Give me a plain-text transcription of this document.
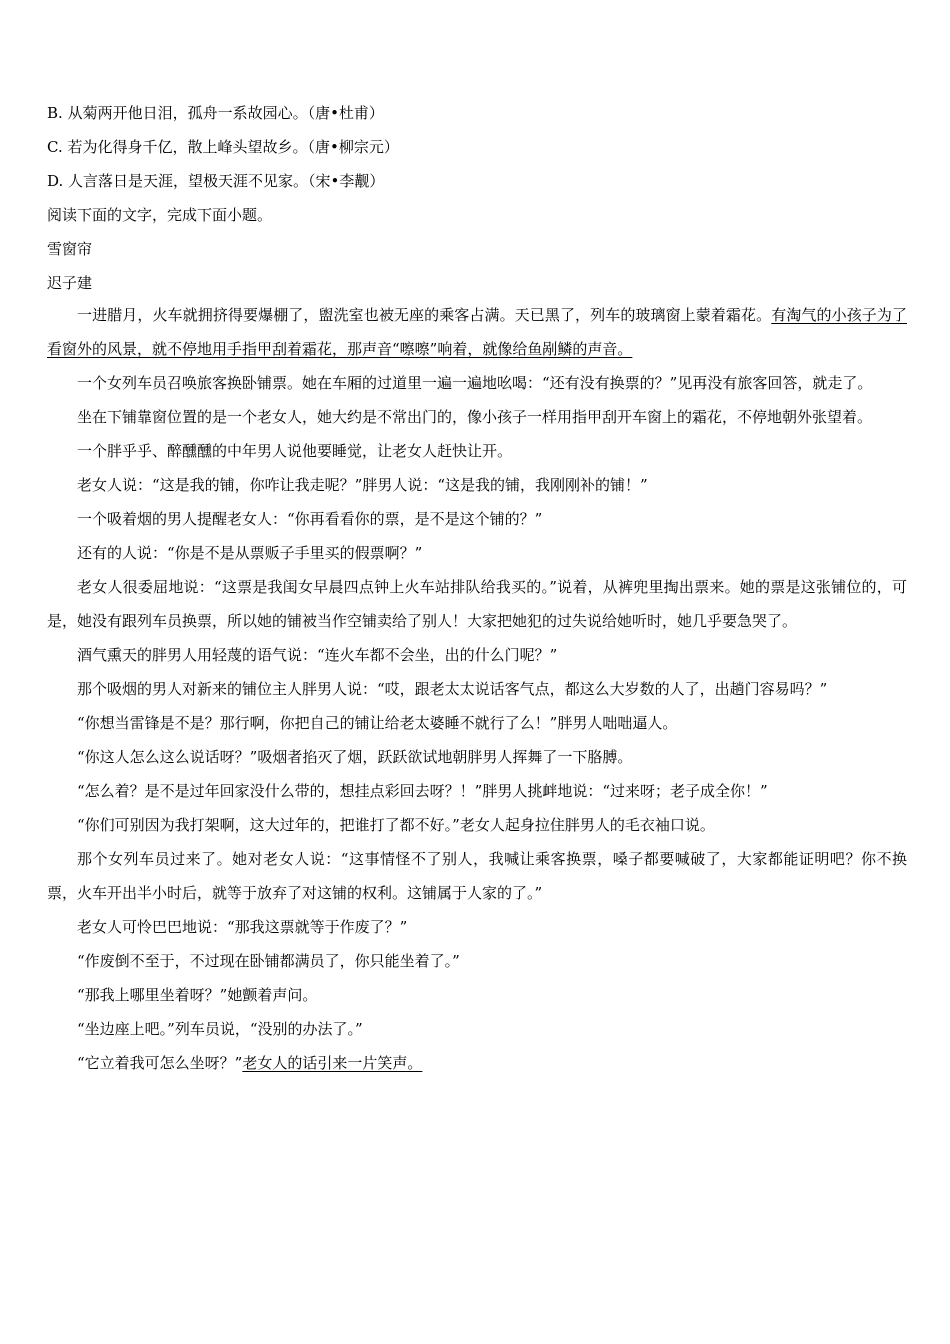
B. 从菊两开他日泪，孤舟一系故园心。（唐•杜甫）
C. 若为化得身千亿，散上峰头望故乡。（唐•柳宗元）
D. 人言落日是天涯，望极天涯不见家。（宋•李觏）
阅读下面的文字，完成下面小题。
雪窗帘
迟子建

一进腊月，火车就拥挤得要爆棚了，盥洗室也被无座的乘客占满。天已黑了，列车的玻璃窗上蒙着霜花。有淘气的小孩子为了看窗外的风景，就不停地用手指甲刮着霜花，那声音“嚓嚓”响着，就像给鱼剐鳞的声音。

一个女列车员召唤旅客换卧铺票。她在车厢的过道里一遍一遍地吆喝：“还有没有换票的？”见再没有旅客回答，就走了。

坐在下铺靠窗位置的是一个老女人，她大约是不常出门的，像小孩子一样用指甲刮开车窗上的霜花，不停地朝外张望着。

一个胖乎乎、醉醺醺的中年男人说他要睡觉，让老女人赶快让开。

老女人说：“这是我的铺，你咋让我走呢？”胖男人说：“这是我的铺，我刚刚补的铺！”

一个吸着烟的男人提醒老女人：“你再看看你的票，是不是这个铺的？”

还有的人说：“你是不是从票贩子手里买的假票啊？”

老女人很委屈地说：“这票是我闺女早晨四点钟上火车站排队给我买的。”说着，从裤兜里掏出票来。她的票是这张铺位的，可是，她没有跟列车员换票，所以她的铺被当作空铺卖给了别人！大家把她犯的过失说给她听时，她几乎要急哭了。

酒气熏天的胖男人用轻蔑的语气说：“连火车都不会坐，出的什么门呢？”

那个吸烟的男人对新来的铺位主人胖男人说：“哎，跟老太太说话客气点，都这么大岁数的人了，出趟门容易吗？”

“你想当雷锋是不是？那行啊，你把自己的铺让给老太婆睡不就行了么！”胖男人咄咄逼人。

“你这人怎么这么说话呀？”吸烟者掐灭了烟，跃跃欲试地朝胖男人挥舞了一下胳膊。

“怎么着？是不是过年回家没什么带的，想挂点彩回去呀？！”胖男人挑衅地说：“过来呀；老子成全你！”

“你们可别因为我打架啊，这大过年的，把谁打了都不好。”老女人起身拉住胖男人的毛衣袖口说。

那个女列车员过来了。她对老女人说：“这事情怪不了别人，我喊让乘客换票，嗓子都要喊破了，大家都能证明吧？你不换票，火车开出半小时后，就等于放弃了对这铺的权利。这铺属于人家的了。”

老女人可怜巴巴地说：“那我这票就等于作废了？”

“作废倒不至于，不过现在卧铺都满员了，你只能坐着了。”

“那我上哪里坐着呀？”她颤着声问。

“坐边座上吧。”列车员说，“没别的办法了。”

“它立着我可怎么坐呀？”老女人的话引来一片笑声。
